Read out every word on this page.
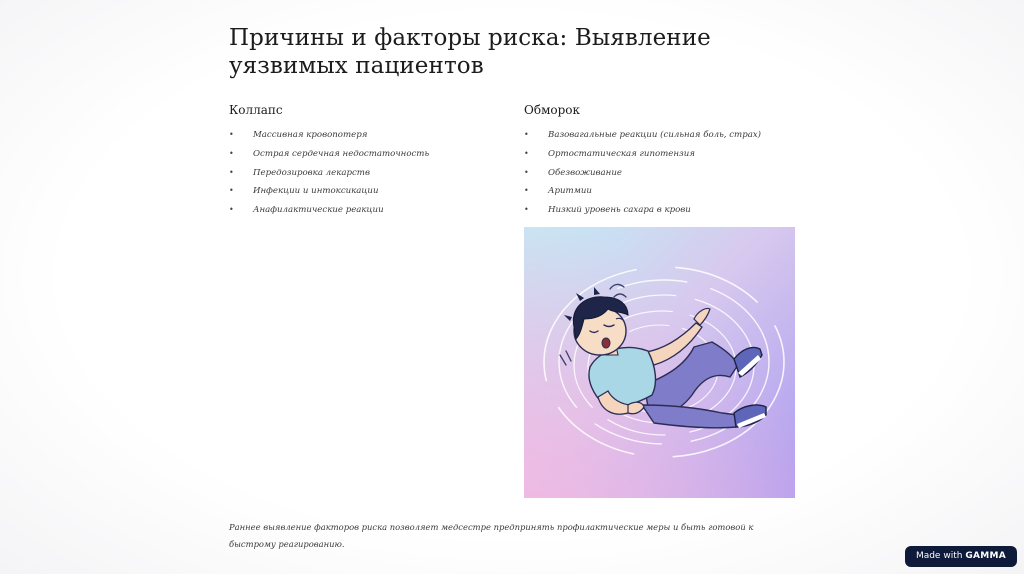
Причины и факторы риска: Выявление уязвимых пациентов
Коллапс
• Массивная кровопотеря
• Острая сердечная недостаточность
• Передозировка лекарств
• Инфекции и интоксикации
• Анафилактические реакции
Обморок
• Вазовагальные реакции (сильная боль, страх)
• Ортостатическая гипотензия
• Обезвоживание
• Аритмии
• Низкий уровень сахара в крови

Раннее выявление факторов риска позволяет медсестре предпринять профилактические меры и быть готовой к быстрому реагированию.

Made with GAMMA
